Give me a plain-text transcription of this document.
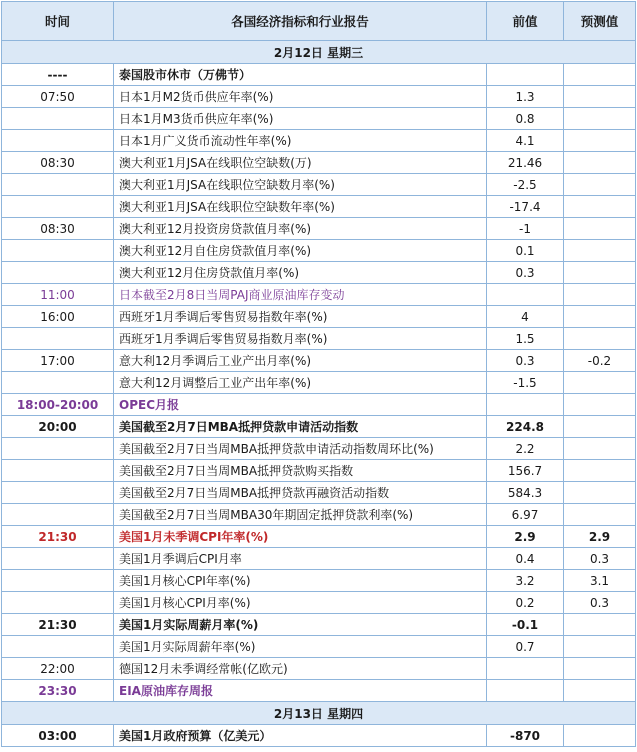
时间	各国经济指标和行业报告	前值	预测值
2月12日 星期三			
----	泰国股市休市（万佛节）		
07:50	日本1月M2货币供应年率(%)	1.3	
	日本1月M3货币供应年率(%)	0.8	
	日本1月广义货币流动性年率(%)	4.1	
08:30	澳大利亚1月JSA在线职位空缺数(万)	21.46	
	澳大利亚1月JSA在线职位空缺数月率(%)	-2.5	
	澳大利亚1月JSA在线职位空缺数年率(%)	-17.4	
08:30	澳大利亚12月投资房贷款值月率(%)	-1	
	澳大利亚12月自住房贷款值月率(%)	0.1	
	澳大利亚12月住房贷款值月率(%)	0.3	
11:00	日本截至2月8日当周PAJ商业原油库存变动		
16:00	西班牙1月季调后零售贸易指数年率(%)	4	
	西班牙1月季调后零售贸易指数月率(%)	1.5	
17:00	意大利12月季调后工业产出月率(%)	0.3	-0.2
	意大利12月调整后工业产出年率(%)	-1.5	
18:00-20:00	OPEC月报		
20:00	美国截至2月7日MBA抵押贷款申请活动指数	224.8	
	美国截至2月7日当周MBA抵押贷款申请活动指数周环比(%)	2.2	
	美国截至2月7日当周MBA抵押贷款购买指数	156.7	
	美国截至2月7日当周MBA抵押贷款再融资活动指数	584.3	
	美国截至2月7日当周MBA30年期固定抵押贷款利率(%)	6.97	
21:30	美国1月未季调CPI年率(%)	2.9	2.9
	美国1月季调后CPI月率	0.4	0.3
	美国1月核心CPI年率(%)	3.2	3.1
	美国1月核心CPI月率(%)	0.2	0.3
21:30	美国1月实际周薪月率(%)	-0.1	
	美国1月实际周薪年率(%)	0.7	
22:00	德国12月未季调经常帐(亿欧元)		
23:30	EIA原油库存周报		
2月13日 星期四			
03:00	美国1月政府预算（亿美元）	-870	
